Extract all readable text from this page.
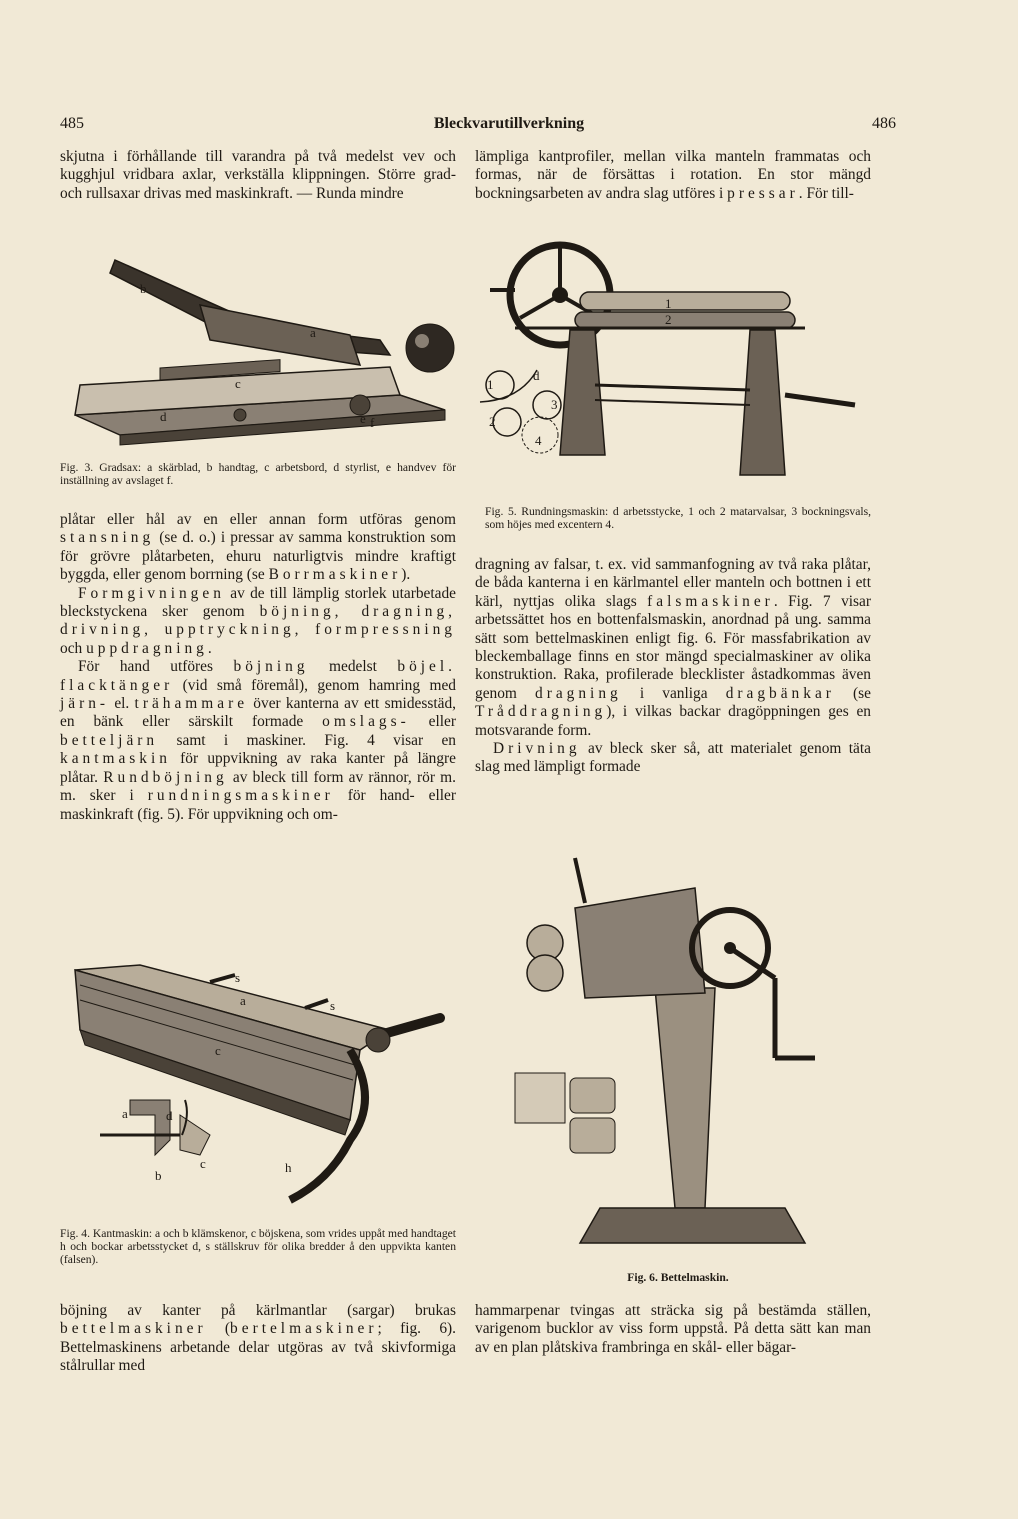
485	Bleckvarutillverkning	486

skjutna i förhållande till varandra på två medelst vev och kugghjul vridbara axlar, verkställa klippningen. Större grad- och rullsaxar drivas med maskinkraft. — Runda mindre

lämpliga kantprofiler, mellan vilka manteln frammatas och formas, när de försättas i rotation. En stor mängd bockningsarbeten av andra slag utföres i pressar. För till-

a
b
c
d	e f
Fig. 3. Gradsax: a skärblad, b handtag, c arbetsbord, d styrlist, e handvev för inställning av avslaget f.
1
2
d
1
2
3
4
Fig. 5. Rundningsmaskin: d arbetsstycke, 1 och 2 matarvalsar, 3 bockningsvals, som höjes med excentern 4.

plåtar eller hål av en eller annan form utföras genom stansning (se d. o.) i pressar av samma konstruktion som för grövre plåtarbeten, ehuru naturligtvis mindre kraftigt byggda, eller genom borrning (se Borrmaskiner).

Formgivningen av de till lämplig storlek utarbetade bleckstyckena sker genom böjning, dragning, drivning, upptryckning, formpressning och uppdragning.

För hand utföres böjning medelst böjel. flacktänger (vid små föremål), genom hamring med järn- el. trähammare över kanterna av ett smidesstäd, en bänk eller särskilt formade omslags- eller betteljärn samt i maskiner. Fig. 4 visar en kantmaskin för uppvikning av raka kanter på längre plåtar. Rundböjning av bleck till form av rännor, rör m. m. sker i rundningsmaskiner för hand- eller maskinkraft (fig. 5). För uppvikning och om-

dragning av falsar, t. ex. vid sammanfogning av två raka plåtar, de båda kanterna i en kärlmantel eller manteln och bottnen i ett kärl, nyttjas olika slags falsmaskiner. Fig. 7 visar arbetssättet hos en bottenfalsmaskin, anordnad på ung. samma sätt som bettelmaskinen enligt fig. 6. För massfabrikation av bleckemballage finns en stor mängd specialmaskiner av olika konstruktion. Raka, profilerade blecklister åstadkommas även genom dragning i vanliga dragbänkar (se Tråddragning), i vilkas backar dragöppningen ges en motsvarande form.

Drivning av bleck sker så, att materialet genom täta slag med lämpligt formade

s
a	s
c
a	d
c
b
h
Fig. 4. Kantmaskin: a och b klämskenor, c böjskena, som vrides uppåt med handtaget h och bockar arbetsstycket d, s ställskruv för olika bredder å den uppvikta kanten (falsen).
Fig. 6. Bettelmaskin.

böjning av kanter på kärlmantlar (sargar) brukas bettelmaskiner (bertelmaskiner; fig. 6). Bettelmaskinens arbetande delar utgöras av två skivformiga stålrullar med

hammarpenar tvingas att sträcka sig på bestämda ställen, varigenom bucklor av viss form uppstå. På detta sätt kan man av en plan plåtskiva frambringa en skål- eller bägar-
